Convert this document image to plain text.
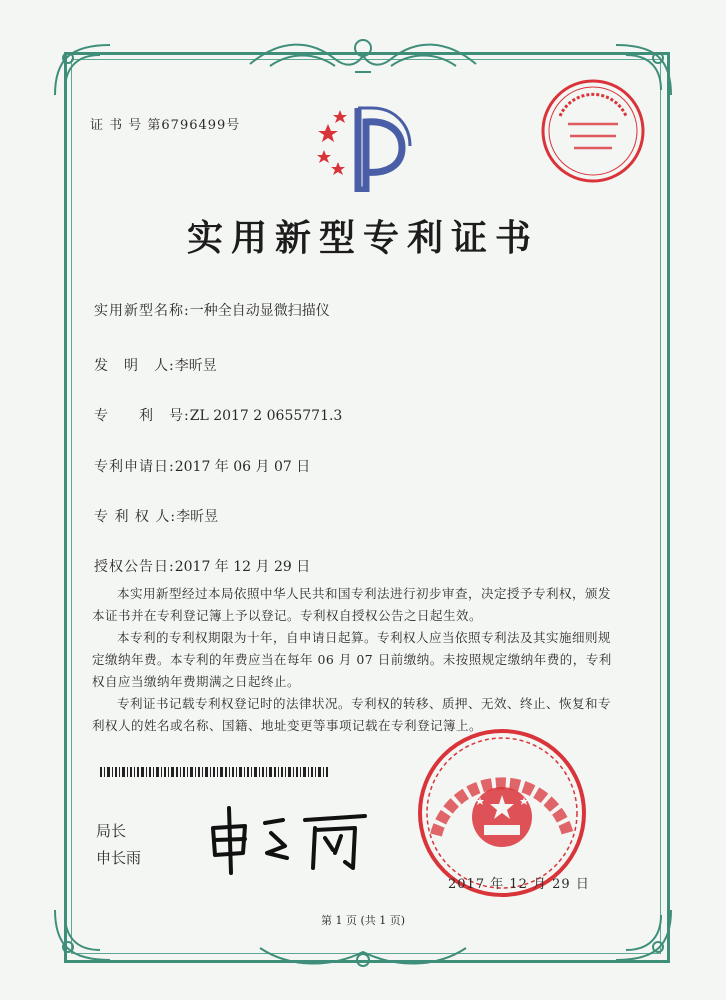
证 书 号 第6796499号
实用新型专利证书
实用新型名称:一种全自动显微扫描仪
发　明　人:李昕昱
专　　利　号:ZL 2017 2 0655771.3
专利申请日:2017 年 06 月 07 日
专 利 权 人:李昕昱
授权公告日:2017 年 12 月 29 日
本实用新型经过本局依照中华人民共和国专利法进行初步审查，决定授予专利权，颁发本证书并在专利登记簿上予以登记。专利权自授权公告之日起生效。
本专利的专利权期限为十年，自申请日起算。专利权人应当依照专利法及其实施细则规定缴纳年费。本专利的年费应当在每年 06 月 07 日前缴纳。未按照规定缴纳年费的，专利权自应当缴纳年费期满之日起终止。
专利证书记载专利权登记时的法律状况。专利权的转移、质押、无效、终止、恢复和专利权人的姓名或名称、国籍、地址变更等事项记载在专利登记簿上。
局长
申长雨
2017 年 12 月 29 日
第 1 页 (共 1 页)
